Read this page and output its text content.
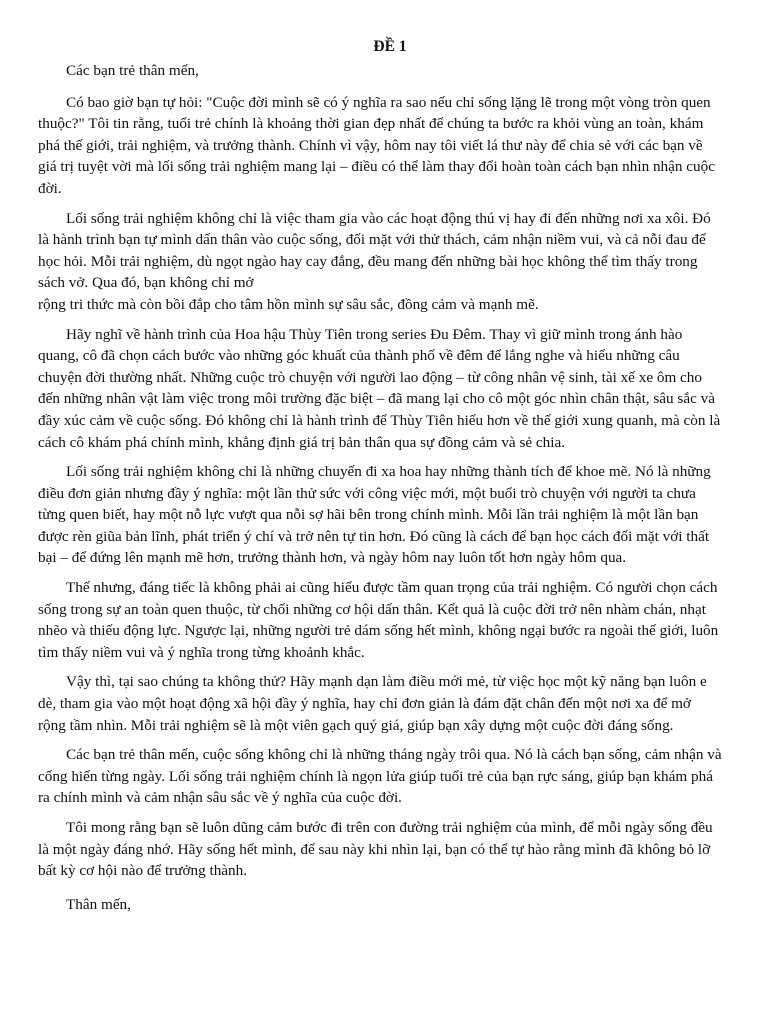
ĐỀ 1

Các bạn trẻ thân mến,

Có bao giờ bạn tự hỏi: "Cuộc đời mình sẽ có ý nghĩa ra sao nếu chỉ sống lặng lẽ trong một vòng tròn quen thuộc?" Tôi tin rằng, tuổi trẻ chính là khoảng thời gian đẹp nhất để chúng ta bước ra khỏi vùng an toàn, khám phá thế giới, trải nghiệm, và trưởng thành. Chính vì vậy, hôm nay tôi viết lá thư này để chia sẻ với các bạn về giá trị tuyệt vời mà lối sống trải nghiệm mang lại – điều có thể làm thay đổi hoàn toàn cách bạn nhìn nhận cuộc đời.

Lối sống trải nghiệm không chỉ là việc tham gia vào các hoạt động thú vị hay đi đến những nơi xa xôi. Đó là hành trình bạn tự mình dấn thân vào cuộc sống, đối mặt với thử thách, cảm nhận niềm vui, và cả nỗi đau để học hỏi. Mỗi trải nghiệm, dù ngọt ngào hay cay đắng, đều mang đến những bài học không thể tìm thấy trong sách vở. Qua đó, bạn không chỉ mở

rộng tri thức mà còn bồi đắp cho tâm hồn mình sự sâu sắc, đồng cảm và mạnh mẽ.

Hãy nghĩ về hành trình của Hoa hậu Thùy Tiên trong series Đu Đêm. Thay vì giữ mình trong ánh hào quang, cô đã chọn cách bước vào những góc khuất của thành phố về đêm để lắng nghe và hiểu những câu chuyện đời thường nhất. Những cuộc trò chuyện với người lao động – từ công nhân vệ sinh, tài xế xe ôm cho đến những nhân vật làm việc trong môi trường đặc biệt – đã mang lại cho cô một góc nhìn chân thật, sâu sắc và đầy xúc cảm về cuộc sống. Đó không chỉ là hành trình để Thùy Tiên hiểu hơn về thế giới xung quanh, mà còn là cách cô khám phá chính mình, khẳng định giá trị bản thân qua sự đồng cảm và sẻ chia.

Lối sống trải nghiệm không chỉ là những chuyến đi xa hoa hay những thành tích để khoe mẽ. Nó là những điều đơn giản nhưng đầy ý nghĩa: một lần thử sức với công việc mới, một buổi trò chuyện với người ta chưa từng quen biết, hay một nỗ lực vượt qua nỗi sợ hãi bên trong chính mình. Mỗi lần trải nghiệm là một lần bạn được rèn giũa bản lĩnh, phát triển ý chí và trở nên tự tin hơn. Đó cũng là cách để bạn học cách đối mặt với thất bại – để đứng lên mạnh mẽ hơn, trưởng thành hơn, và ngày hôm nay luôn tốt hơn ngày hôm qua.

Thế nhưng, đáng tiếc là không phải ai cũng hiểu được tầm quan trọng của trải nghiệm. Có người chọn cách sống trong sự an toàn quen thuộc, từ chối những cơ hội dấn thân. Kết quả là cuộc đời trở nên nhàm chán, nhạt nhẽo và thiếu động lực. Ngược lại, những người trẻ dám sống hết mình, không ngại bước ra ngoài thế giới, luôn tìm thấy niềm vui và ý nghĩa trong từng khoảnh khắc.

Vậy thì, tại sao chúng ta không thử? Hãy mạnh dạn làm điều mới mẻ, từ việc học một kỹ năng bạn luôn e dè, tham gia vào một hoạt động xã hội đầy ý nghĩa, hay chỉ đơn giản là đám đặt chân đến một nơi xa để mở rộng tầm nhìn. Mỗi trải nghiệm sẽ là một viên gạch quý giá, giúp bạn xây dựng một cuộc đời đáng sống.

Các bạn trẻ thân mến, cuộc sống không chỉ là những tháng ngày trôi qua. Nó là cách bạn sống, cảm nhận và cống hiến từng ngày. Lối sống trải nghiệm chính là ngọn lửa giúp tuổi trẻ của bạn rực sáng, giúp bạn khám phá ra chính mình và cảm nhận sâu sắc về ý nghĩa của cuộc đời.

Tôi mong rằng bạn sẽ luôn dũng cảm bước đi trên con đường trải nghiệm của mình, để mỗi ngày sống đều là một ngày đáng nhớ. Hãy sống hết mình, để sau này khi nhìn lại, bạn có thể tự hào rằng mình đã không bỏ lỡ bất kỳ cơ hội nào để trưởng thành.

Thân mến,
